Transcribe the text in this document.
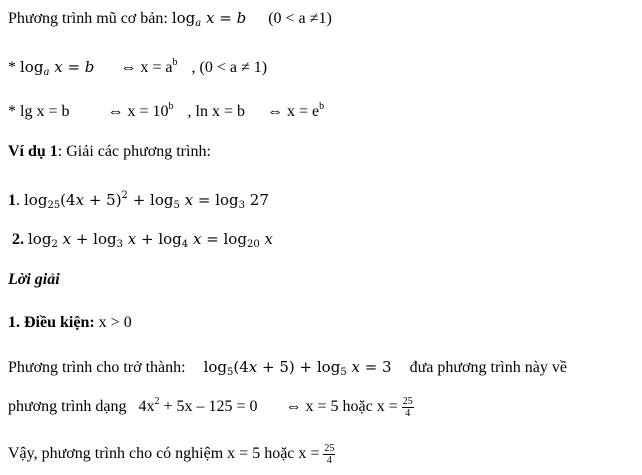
Phương trình mũ cơ bản: $\log_a x = b$ (0 < a ≠1)
* $\log_a x = b$ ⇔ $x = a^b$ , (0 < a ≠ 1)
* lg x = b ⇔ $x = 10^b$ , ln x = b ⇔ $x = e^b$
Ví dụ 1: Giải các phương trình:
1. $\log_{25}(4x + 5)^2 + \log_5 x = \log_3 27$
2. $\log_2 x + \log_3 x + \log_4 x = \log_{20} x$
Lời giải
1. Điều kiện: x > 0
Phương trình cho trở thành: $\log_5(4x + 5) + \log_5 x = 3$ đưa phương trình này về
phương trình dạng $4x^2 + 5x - 125 = 0$ ⇔ x = 5 hoặc $x = \frac{25}{4}$
Vậy, phương trình cho có nghiệm x = 5 hoặc $x = \frac{25}{4}$
